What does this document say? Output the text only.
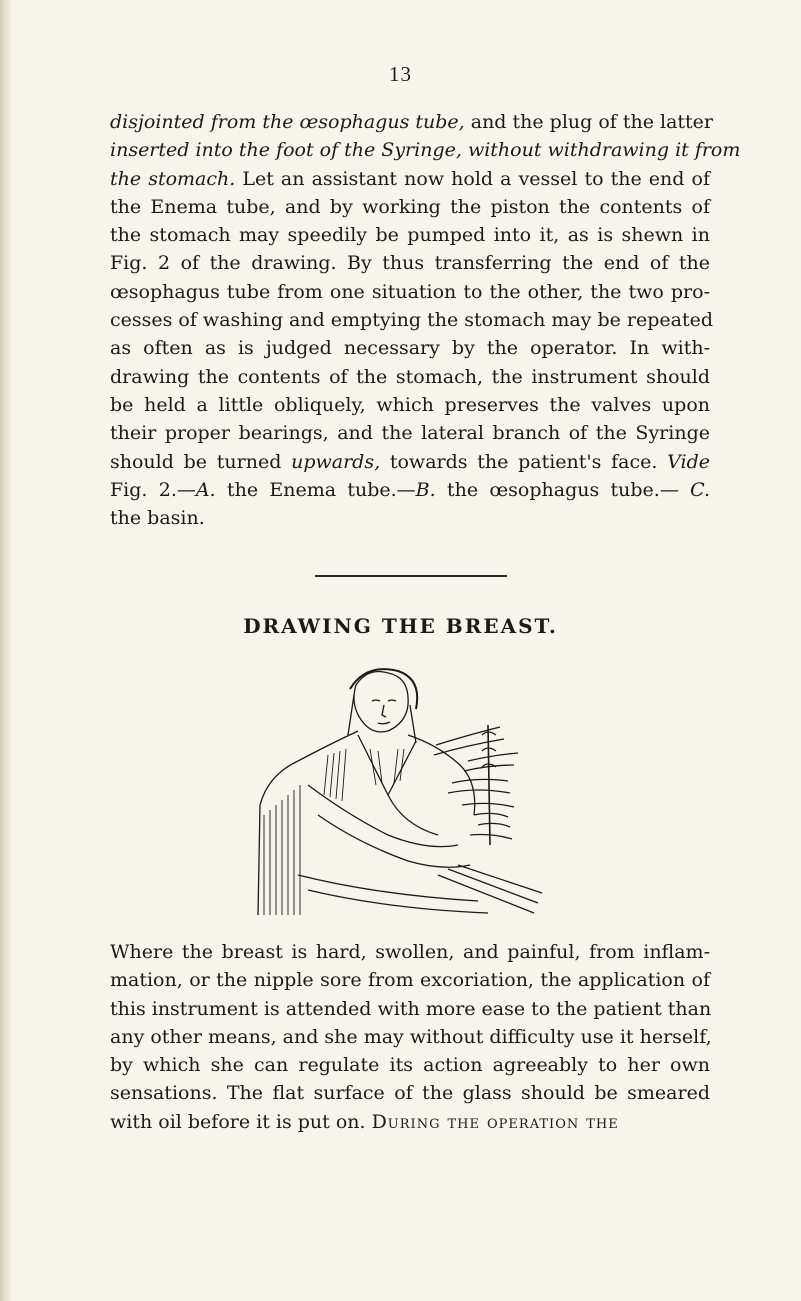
13
disjointed from the œsophagus tube, and the plug of the latter
inserted into the foot of the Syringe, without withdrawing it from
the stomach. Let an assistant now hold a vessel to the end of
the Enema tube, and by working the piston the contents of
the stomach may speedily be pumped into it, as is shewn in
Fig. 2 of the drawing. By thus transferring the end of the
œsophagus tube from one situation to the other, the two pro-
cesses of washing and emptying the stomach may be repeated
as often as is judged necessary by the operator. In with-
drawing the contents of the stomach, the instrument should
be held a little obliquely, which preserves the valves upon
their proper bearings, and the lateral branch of the Syringe
should be turned upwards, towards the patient's face. Vide
Fig. 2.—A. the Enema tube.—B. the œsophagus tube.— C.
the basin.
DRAWING THE BREAST.
Where the breast is hard, swollen, and painful, from inflam-
mation, or the nipple sore from excoriation, the application of
this instrument is attended with more ease to the patient than
any other means, and she may without difficulty use it herself,
by which she can regulate its action agreeably to her own
sensations. The flat surface of the glass should be smeared
with oil before it is put on. During the operation the
